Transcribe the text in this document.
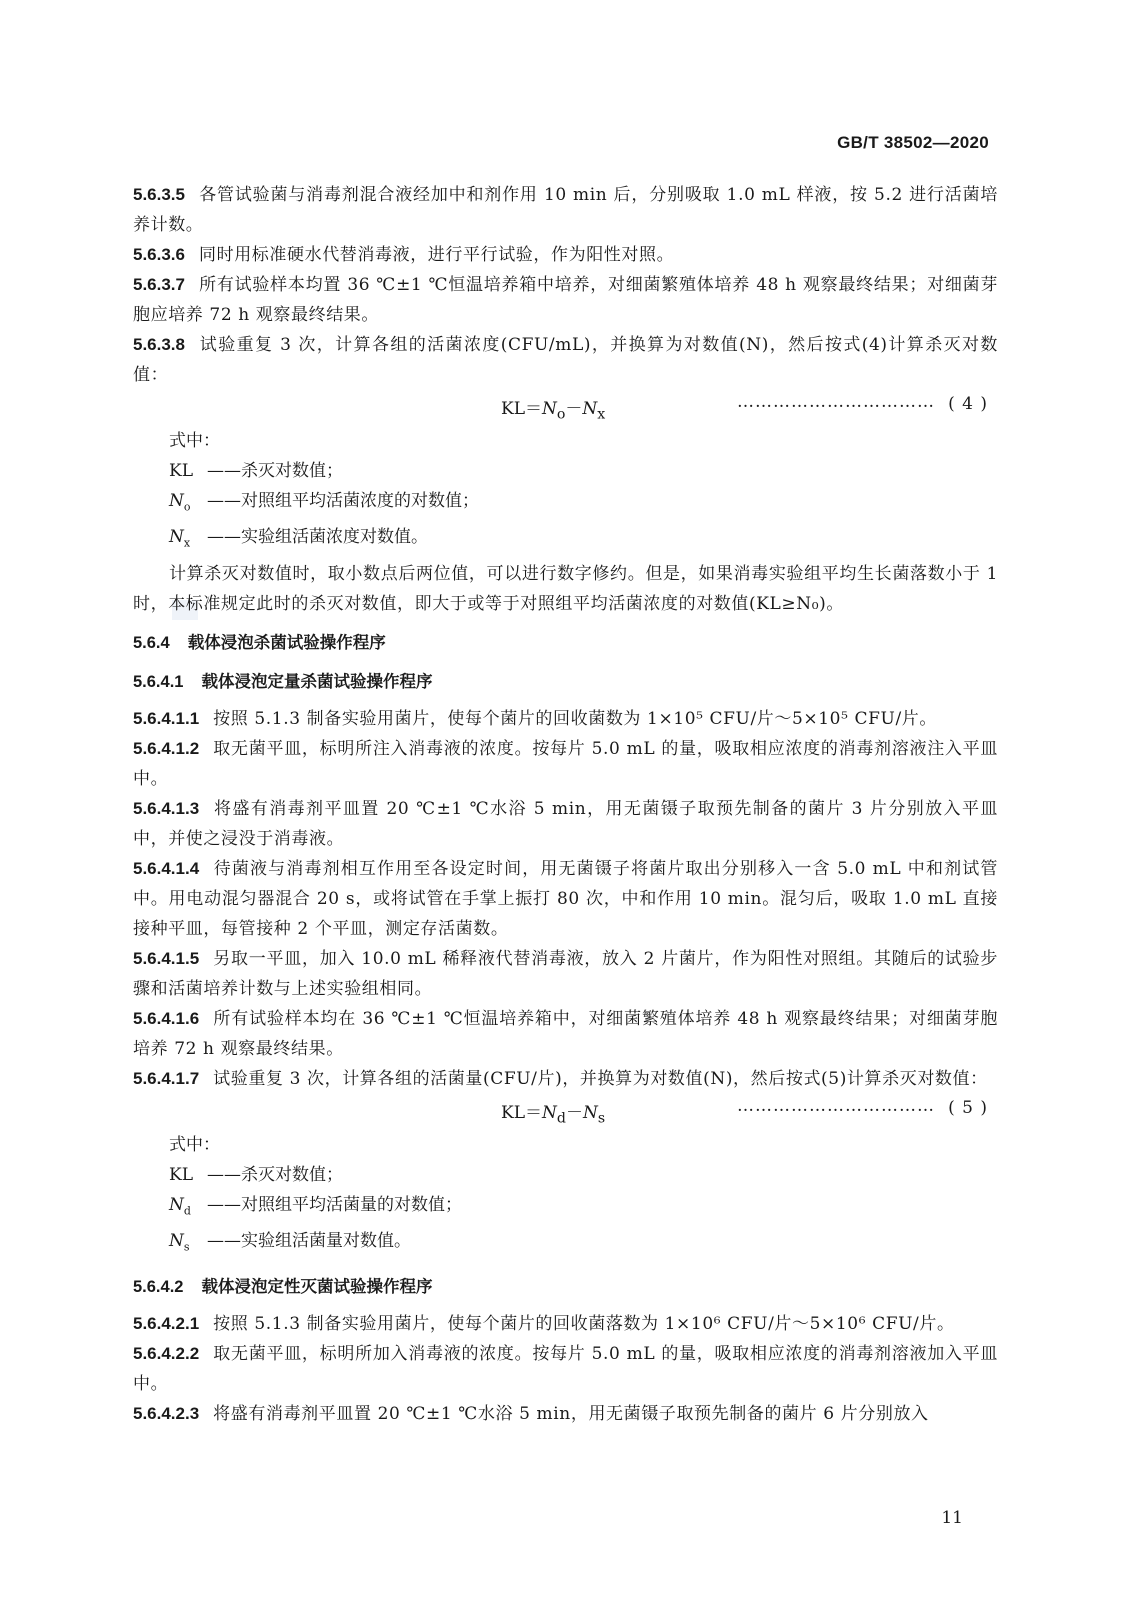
GB/T 38502—2020

5.6.3.5 各管试验菌与消毒剂混合液经加中和剂作用 10 min 后，分别吸取 1.0 mL 样液，按 5.2 进行活菌培养计数。

5.6.3.6 同时用标准硬水代替消毒液，进行平行试验，作为阳性对照。

5.6.3.7 所有试验样本均置 36 ℃±1 ℃恒温培养箱中培养，对细菌繁殖体培养 48 h 观察最终结果；对细菌芽胞应培养 72 h 观察最终结果。

5.6.3.8 试验重复 3 次，计算各组的活菌浓度(CFU/mL)，并换算为对数值(N)，然后按式(4)计算杀灭对数值：

$KL=N_o-N_x$
…………………………… ( 4 )

式中：

KL ——杀灭对数值；

$N_o$ ——对照组平均活菌浓度的对数值；

$N_x$ ——实验组活菌浓度对数值。

计算杀灭对数值时，取小数点后两位值，可以进行数字修约。但是，如果消毒实验组平均生长菌落数小于 1 时，本标准规定此时的杀灭对数值，即大于或等于对照组平均活菌浓度的对数值(KL≥N₀)。

5.6.4 载体浸泡杀菌试验操作程序
5.6.4.1 载体浸泡定量杀菌试验操作程序

5.6.4.1.1 按照 5.1.3 制备实验用菌片，使每个菌片的回收菌数为 1×10⁵ CFU/片～5×10⁵ CFU/片。

5.6.4.1.2 取无菌平皿，标明所注入消毒液的浓度。按每片 5.0 mL 的量，吸取相应浓度的消毒剂溶液注入平皿中。

5.6.4.1.3 将盛有消毒剂平皿置 20 ℃±1 ℃水浴 5 min，用无菌镊子取预先制备的菌片 3 片分别放入平皿中，并使之浸没于消毒液。

5.6.4.1.4 待菌液与消毒剂相互作用至各设定时间，用无菌镊子将菌片取出分别移入一含 5.0 mL 中和剂试管中。用电动混匀器混合 20 s，或将试管在手掌上振打 80 次，中和作用 10 min。混匀后，吸取 1.0 mL 直接接种平皿，每管接种 2 个平皿，测定存活菌数。

5.6.4.1.5 另取一平皿，加入 10.0 mL 稀释液代替消毒液，放入 2 片菌片，作为阳性对照组。其随后的试验步骤和活菌培养计数与上述实验组相同。

5.6.4.1.6 所有试验样本均在 36 ℃±1 ℃恒温培养箱中，对细菌繁殖体培养 48 h 观察最终结果；对细菌芽胞培养 72 h 观察最终结果。

5.6.4.1.7 试验重复 3 次，计算各组的活菌量(CFU/片)，并换算为对数值(N)，然后按式(5)计算杀灭对数值：

$KL=N_d-N_s$
…………………………… ( 5 )

式中：

KL ——杀灭对数值；

$N_d$ ——对照组平均活菌量的对数值；

$N_s$ ——实验组活菌量对数值。

5.6.4.2 载体浸泡定性灭菌试验操作程序

5.6.4.2.1 按照 5.1.3 制备实验用菌片，使每个菌片的回收菌落数为 1×10⁶ CFU/片～5×10⁶ CFU/片。

5.6.4.2.2 取无菌平皿，标明所加入消毒液的浓度。按每片 5.0 mL 的量，吸取相应浓度的消毒剂溶液加入平皿中。

5.6.4.2.3 将盛有消毒剂平皿置 20 ℃±1 ℃水浴 5 min，用无菌镊子取预先制备的菌片 6 片分别放入

11
